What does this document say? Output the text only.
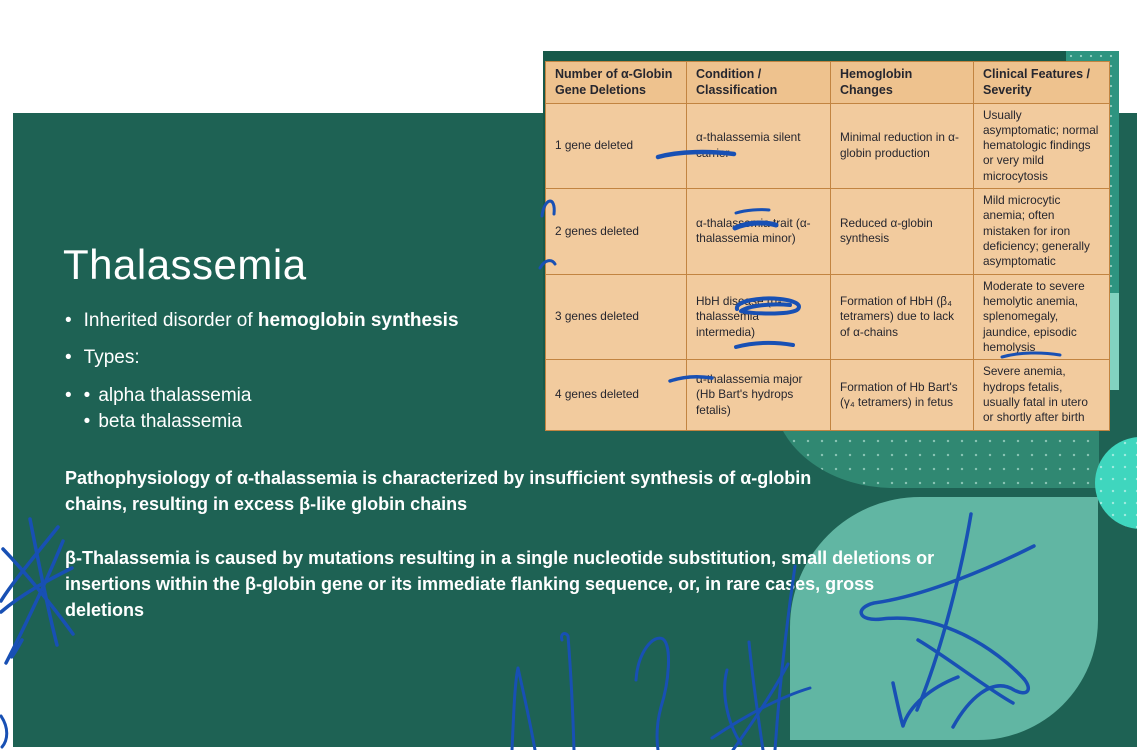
Thalassemia
• Inherited disorder of hemoglobin synthesis
• Types:
• • alpha thalassemia
• beta thalassemia
Pathophysiology of α-thalassemia is characterized by insufficient synthesis of α-globin chains, resulting in excess β-like globin chains
β-Thalassemia is caused by mutations resulting in a single nucleotide substitution, small deletions or insertions within the β-globin gene or its immediate flanking sequence, or, in rare cases, gross deletions
Number of α-Globin Gene Deletions	Condition / Classification	Hemoglobin Changes	Clinical Features / Severity
1 gene deleted	α-thalassemia silent carrier	Minimal reduction in α-globin production	Usually asymptomatic; normal hematologic findings or very mild microcytosis
2 genes deleted	α-thalassemia trait (α-thalassemia minor)	Reduced α-globin synthesis	Mild microcytic anemia; often mistaken for iron deficiency; generally asymptomatic
3 genes deleted	HbH disease (α-thalassemia intermedia)	Formation of HbH (β₄ tetramers) due to lack of α-chains	Moderate to severe hemolytic anemia, splenomegaly, jaundice, episodic hemolysis
4 genes deleted	α-thalassemia major (Hb Bart's hydrops fetalis)	Formation of Hb Bart's (γ₄ tetramers) in fetus	Severe anemia, hydrops fetalis, usually fatal in utero or shortly after birth
